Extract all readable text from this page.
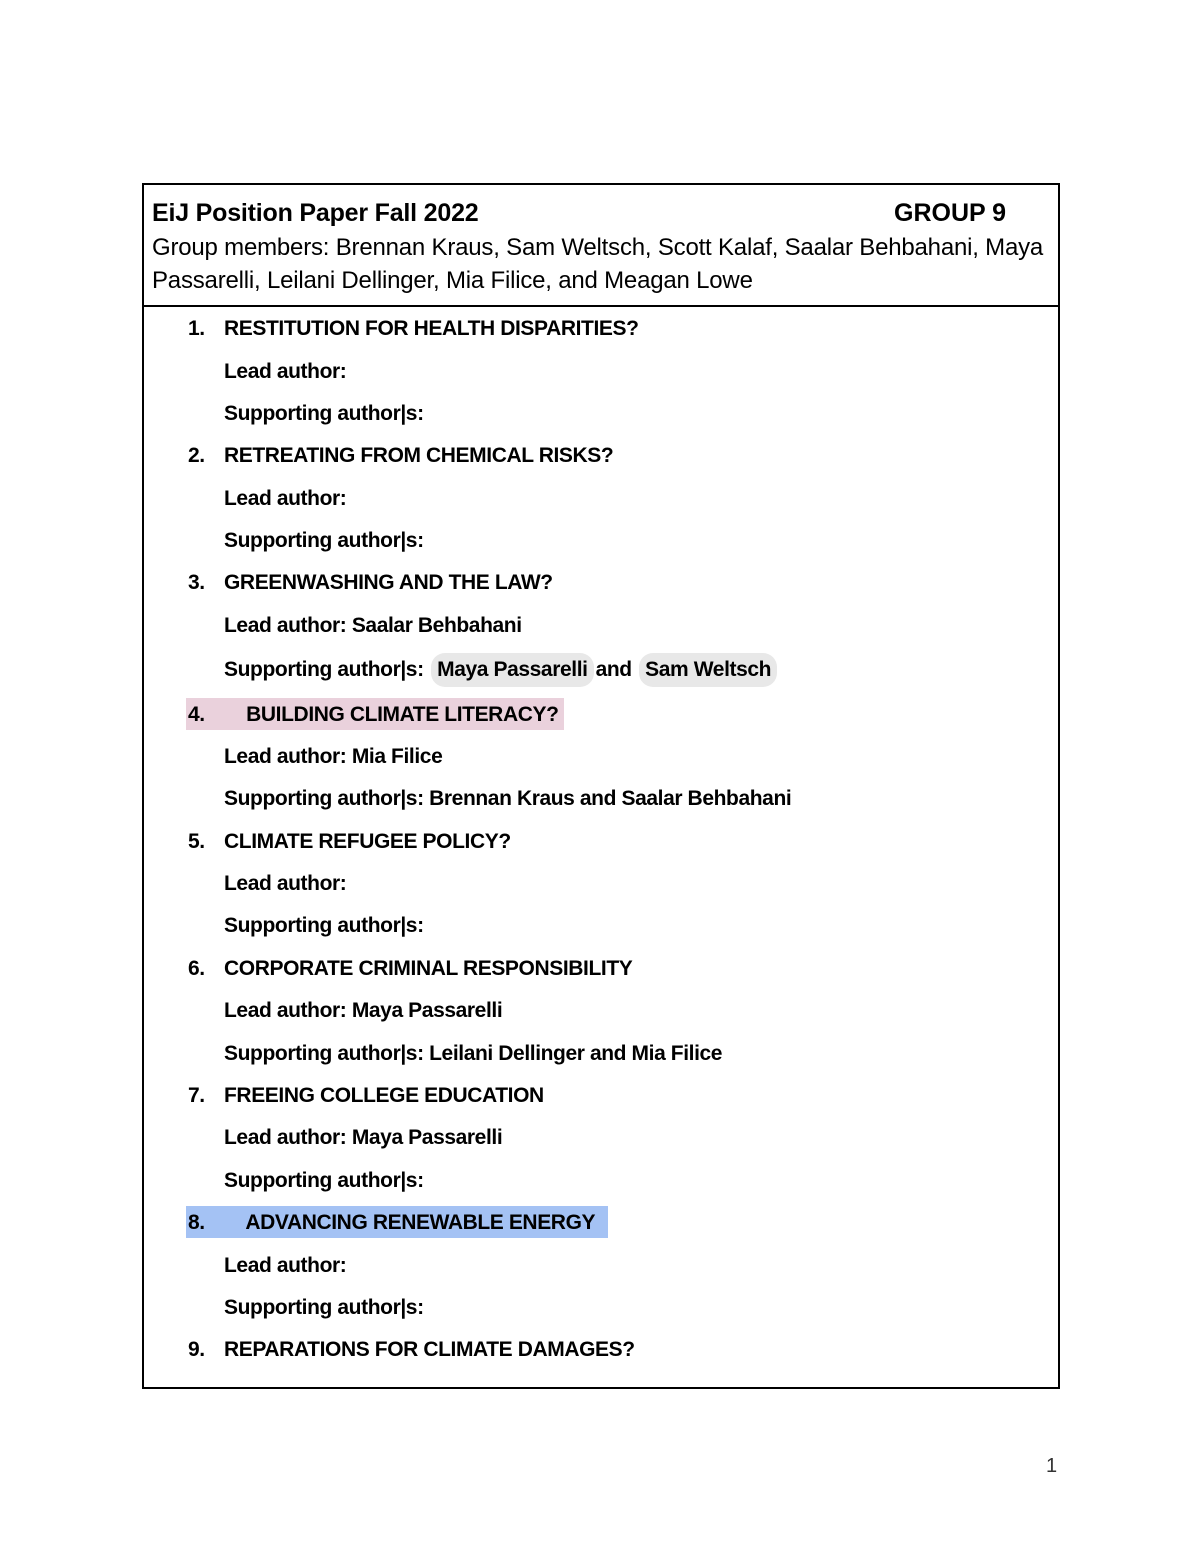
EiJ Position Paper Fall 2022	GROUP 9
Group members: Brennan Kraus, Sam Weltsch, Scott Kalaf, Saalar Behbahani, Maya Passarelli, Leilani Dellinger, Mia Filice, and Meagan Lowe
1. RESTITUTION FOR HEALTH DISPARITIES?
Lead author:
Supporting author|s:
2. RETREATING FROM CHEMICAL RISKS?
Lead author:
Supporting author|s:
3. GREENWASHING AND THE LAW?
Lead author: Saalar Behbahani
Supporting author|s: Maya Passarelli and Sam Weltsch
4. BUILDING CLIMATE LITERACY?
Lead author: Mia Filice
Supporting author|s: Brennan Kraus and Saalar Behbahani
5. CLIMATE REFUGEE POLICY?
Lead author:
Supporting author|s:
6. CORPORATE CRIMINAL RESPONSIBILITY
Lead author: Maya Passarelli
Supporting author|s: Leilani Dellinger and Mia Filice
7. FREEING COLLEGE EDUCATION
Lead author: Maya Passarelli
Supporting author|s:
8. ADVANCING RENEWABLE ENERGY
Lead author:
Supporting author|s:
9. REPARATIONS FOR CLIMATE DAMAGES?
1
